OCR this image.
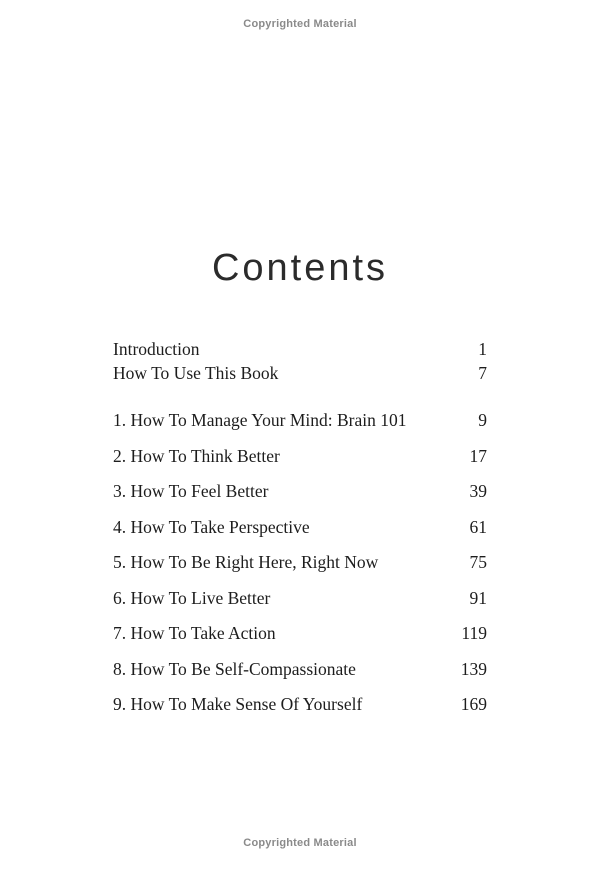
Copyrighted Material
Contents
Introduction	1
How To Use This Book	7
1. How To Manage Your Mind: Brain 101	9
2. How To Think Better	17
3. How To Feel Better	39
4. How To Take Perspective	61
5. How To Be Right Here, Right Now	75
6. How To Live Better	91
7. How To Take Action	119
8. How To Be Self-Compassionate	139
9. How To Make Sense Of Yourself	169
Copyrighted Material
